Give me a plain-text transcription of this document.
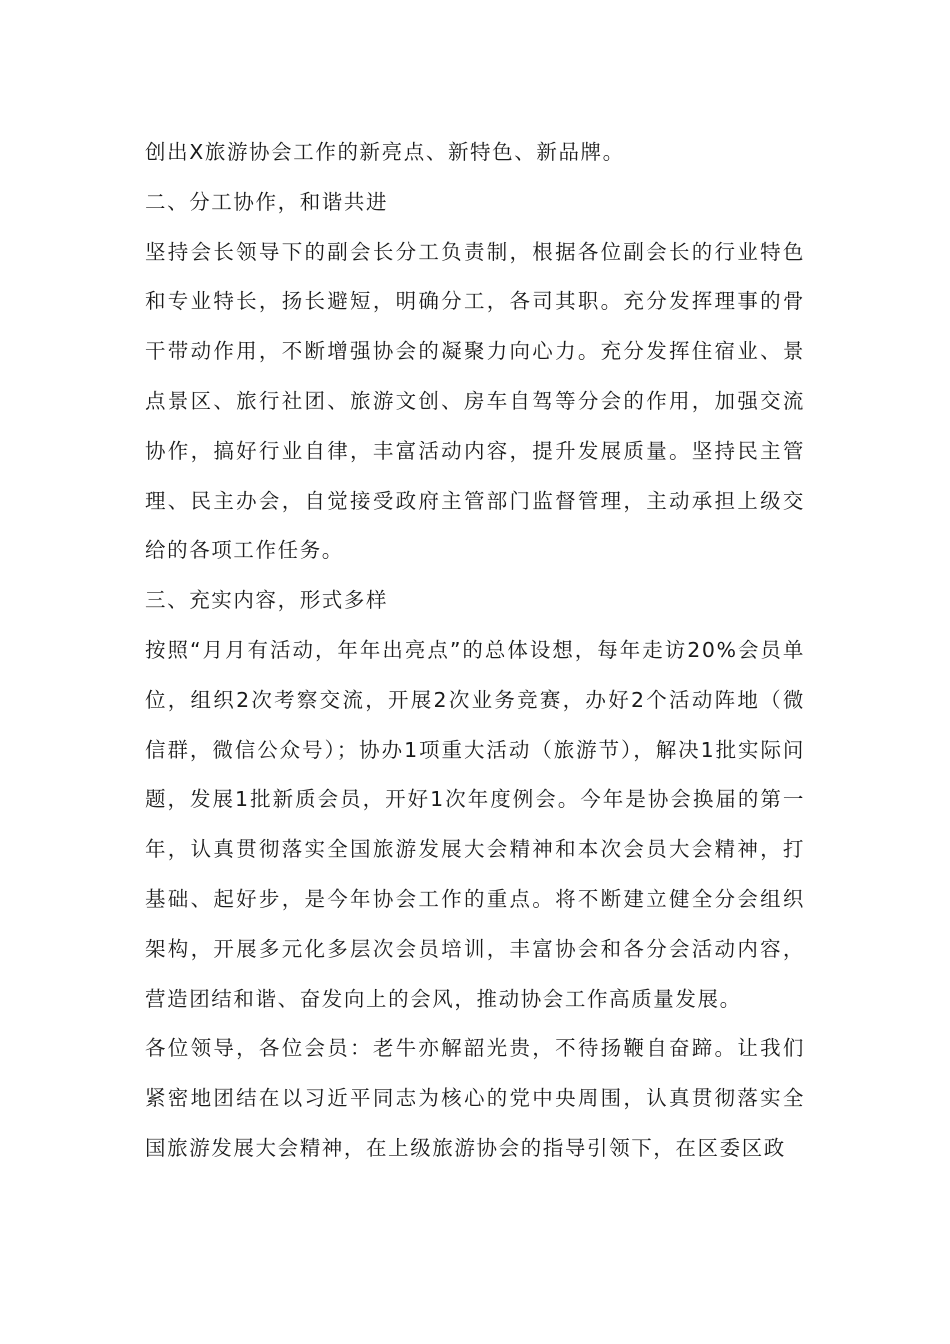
创出X旅游协会工作的新亮点、新特色、新品牌。

二、分工协作，和谐共进

坚持会长领导下的副会长分工负责制，根据各位副会长的行业特色和专业特长，扬长避短，明确分工，各司其职。充分发挥理事的骨干带动作用，不断增强协会的凝聚力向心力。充分发挥住宿业、景点景区、旅行社团、旅游文创、房车自驾等分会的作用，加强交流协作，搞好行业自律，丰富活动内容，提升发展质量。坚持民主管理、民主办会，自觉接受政府主管部门监督管理，主动承担上级交给的各项工作任务。

三、充实内容，形式多样

按照“月月有活动，年年出亮点”的总体设想，每年走访20%会员单位，组织2次考察交流，开展2次业务竞赛，办好2个活动阵地（微信群，微信公众号）；协办1项重大活动（旅游节），解决1批实际问题，发展1批新质会员，开好1次年度例会。今年是协会换届的第一年，认真贯彻落实全国旅游发展大会精神和本次会员大会精神，打基础、起好步，是今年协会工作的重点。将不断建立健全分会组织架构，开展多元化多层次会员培训，丰富协会和各分会活动内容，营造团结和谐、奋发向上的会风，推动协会工作高质量发展。

各位领导，各位会员：老牛亦解韶光贵，不待扬鞭自奋蹄。让我们紧密地团结在以习近平同志为核心的党中央周围，认真贯彻落实全国旅游发展大会精神，在上级旅游协会的指导引领下，在区委区政
